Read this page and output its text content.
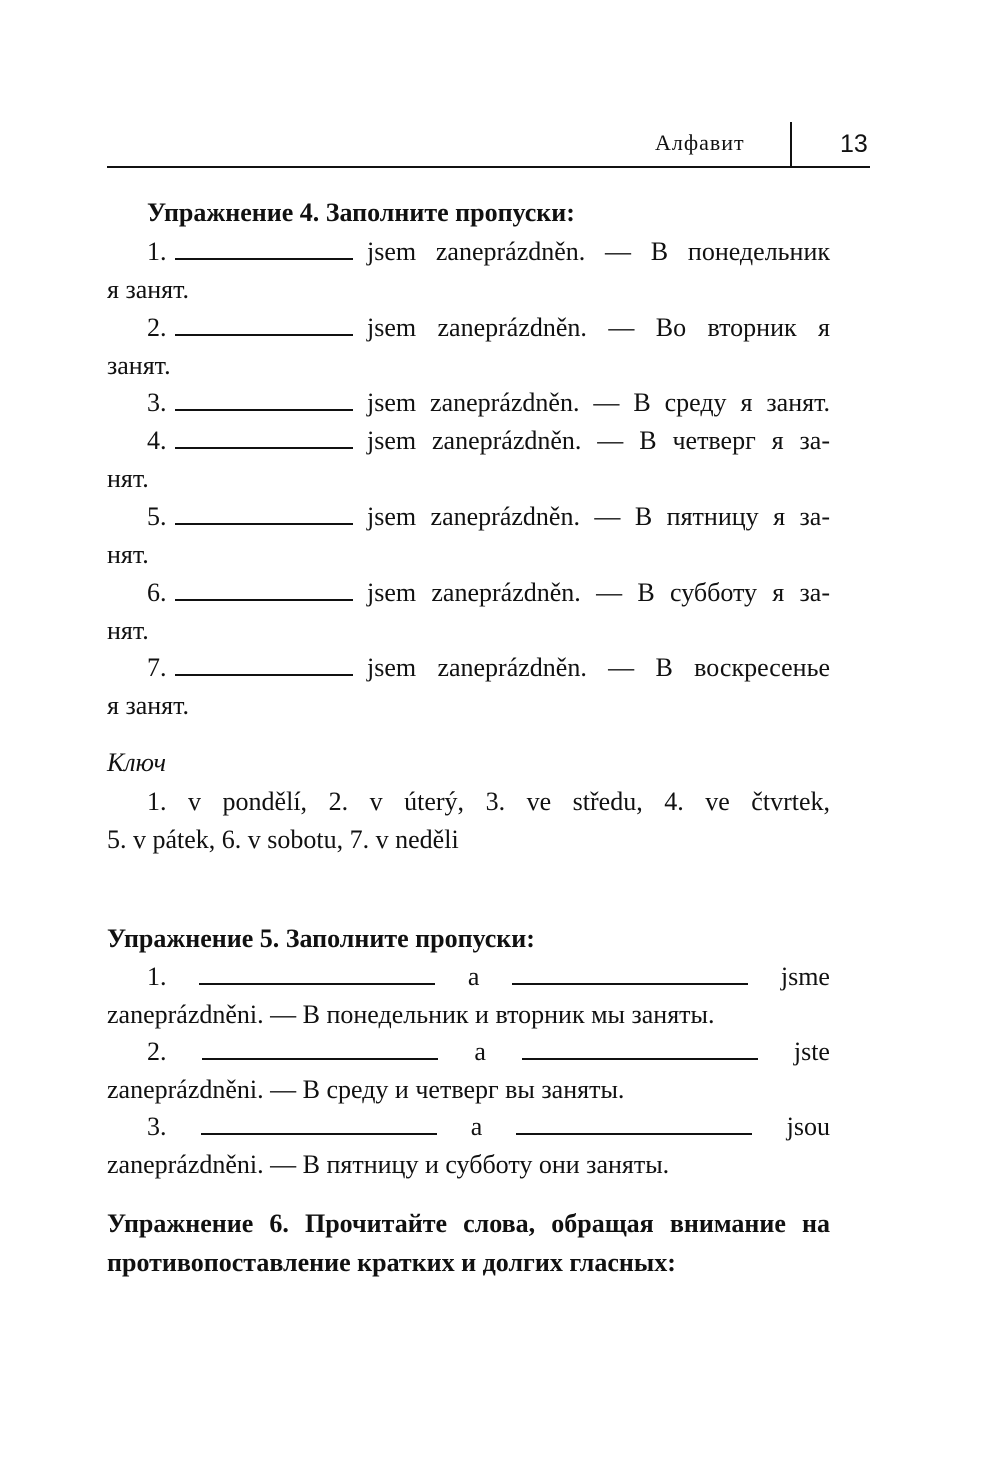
Алфавит	13
Упражнение 4. Заполните пропуски:
1.	jsem zaneprázdněn. — В понедельник
я занят.
2.	jsem zaneprázdněn. — Во вторник я
занят.
3.	jsem zaneprázdněn. — В среду я занят.
4.	jsem zaneprázdněn. — В четверг я за-
нят.
5.	jsem zaneprázdněn. — В пятницу я за-
нят.
6.	jsem zaneprázdněn. — В субботу я за-
нят.
7.	jsem zaneprázdněn. — В воскресенье
я занят.
Ключ
1. v pondělí, 2. v úterý, 3. ve středu, 4. ve čtvrtek,
5. v pátek, 6. v sobotu, 7. v neděli
Упражнение 5. Заполните пропуски:
1.	a	jsme
zaneprázdněni. — В понедельник и вторник мы заняты.
2.	a	jste
zaneprázdněni. — В среду и четверг вы заняты.
3.	a	jsou
zaneprázdněni. — В пятницу и субботу они заняты.
Упражнение 6. Прочитайте слова, обращая внимание на
противопоставление кратких и долгих гласных:
